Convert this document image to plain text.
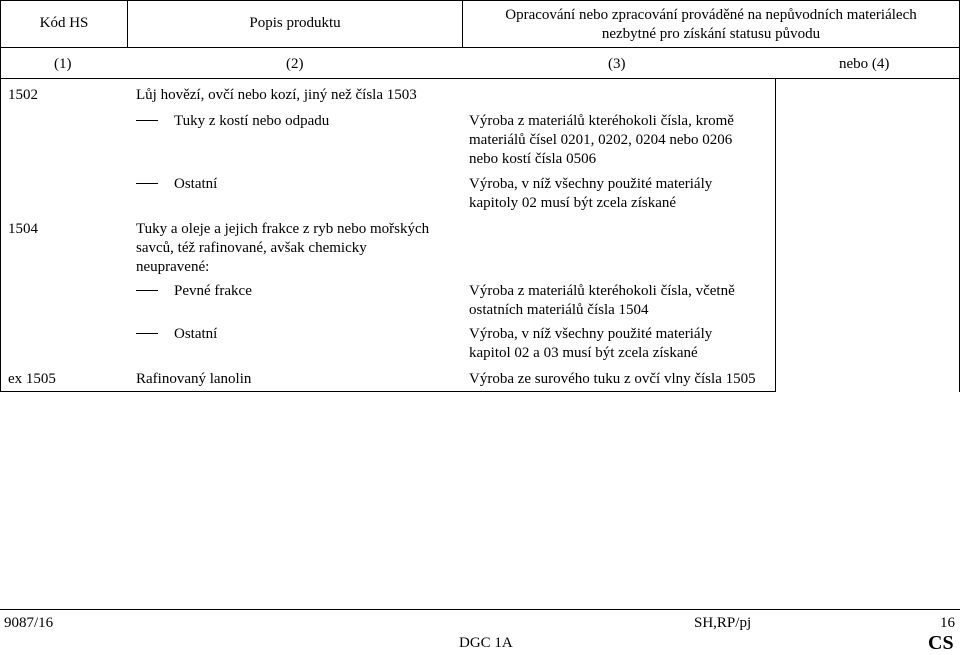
Kód HS	Popis produktu	Opracování nebo zpracování prováděné na nepůvodních materiálech
nezbytné pro získání statusu původu
(1)	(2)	(3)	nebo (4)
1502	Lůj hovězí, ovčí nebo kozí, jiný než čísla 1503
Tuky z kostí nebo odpadu	Výroba z materiálů kteréhokoli čísla, kromě
materiálů čísel 0201, 0202, 0204 nebo 0206
nebo kostí čísla 0506
Ostatní	Výroba, v níž všechny použité materiály
kapitoly 02 musí být zcela získané
1504	Tuky a oleje a jejich frakce z ryb nebo mořských
savců, též rafinované, avšak chemicky
neupravené:
Pevné frakce	Výroba z materiálů kteréhokoli čísla, včetně
ostatních materiálů čísla 1504
Ostatní	Výroba, v níž všechny použité materiály
kapitol 02 a 03 musí být zcela získané
ex 1505	Rafinovaný lanolin	Výroba ze surového tuku z ovčí vlny čísla 1505
9087/16	SH,RP/pj	16
DGC 1A	CS
